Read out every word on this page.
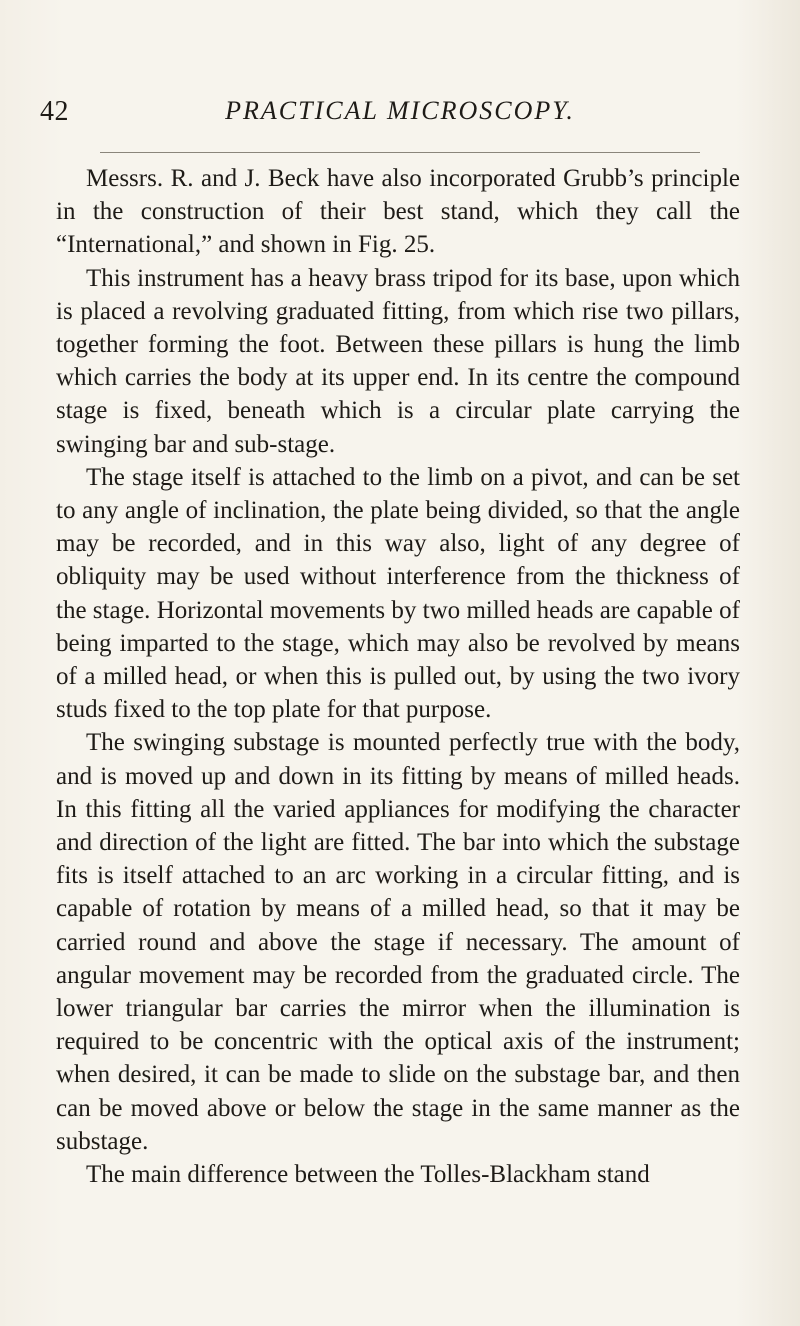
42	PRACTICAL MICROSCOPY.

Messrs. R. and J. Beck have also incorporated Grubb’s principle in the construction of their best stand, which they call the “International,” and shown in Fig. 25.

This instrument has a heavy brass tripod for its base, upon which is placed a revolving graduated fitting, from which rise two pillars, together forming the foot. Between these pillars is hung the limb which carries the body at its upper end. In its centre the compound stage is fixed, beneath which is a circular plate carrying the swinging bar and sub-stage.

The stage itself is attached to the limb on a pivot, and can be set to any angle of inclination, the plate being divided, so that the angle may be recorded, and in this way also, light of any degree of obliquity may be used without interference from the thickness of the stage. Horizontal movements by two milled heads are capable of being imparted to the stage, which may also be revolved by means of a milled head, or when this is pulled out, by using the two ivory studs fixed to the top plate for that purpose.

The swinging substage is mounted perfectly true with the body, and is moved up and down in its fitting by means of milled heads. In this fitting all the varied appliances for modifying the character and direction of the light are fitted. The bar into which the substage fits is itself attached to an arc working in a circular fitting, and is capable of rotation by means of a milled head, so that it may be carried round and above the stage if necessary. The amount of angular movement may be recorded from the graduated circle. The lower triangular bar carries the mirror when the illumination is required to be concentric with the optical axis of the instrument; when desired, it can be made to slide on the substage bar, and then can be moved above or below the stage in the same manner as the substage.

The main difference between the Tolles-Blackham stand
